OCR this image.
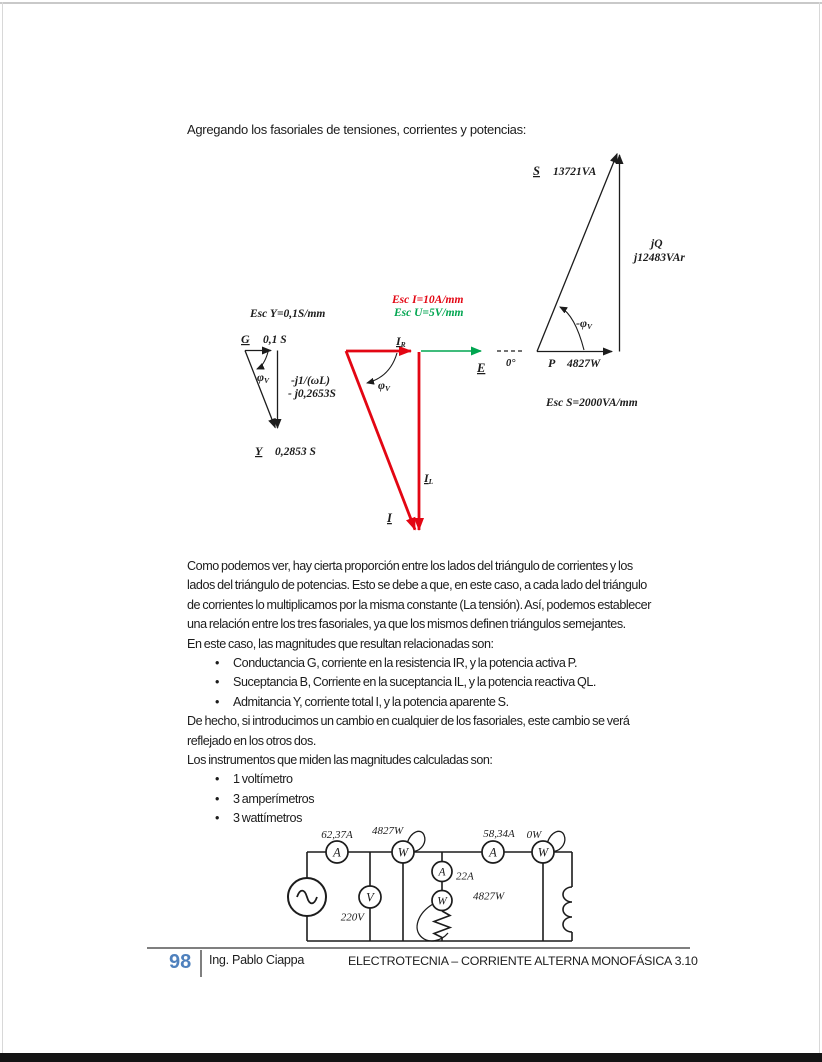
Agregando los fasoriales de tensiones, corrientes y potencias:
Esc Y=0,1S/mm
G 0,1 S
φV -j1/(ωL)
- j0,2653S
Y 0,2853 S
Esc I=10A/mm
Esc U=5V/mm
IR
φV
IL
I
E 0°
S 13721VA
jQ
j12483VAr
-φV
P 4827W
Esc S=2000VA/mm
A	W	A	W
A
W
V
62,37A 4827W	58,34A 0W
22A
4827W
220V
Como podemos ver, hay cierta proporción entre los lados del triángulo de corrientes y los
lados del triángulo de potencias. Esto se debe a que, en este caso, a cada lado del triángulo
de corrientes lo multiplicamos por la misma constante (La tensión). Así, podemos establecer
una relación entre los tres fasoriales, ya que los mismos definen triángulos semejantes.
En este caso, las magnitudes que resultan relacionadas son:
• Conductancia G, corriente en la resistencia IR, y la potencia activa P.
• Suceptancia B, Corriente en la suceptancia IL, y la potencia reactiva QL.
• Admitancia Y, corriente total I, y la potencia aparente S.
De hecho, si introducimos un cambio en cualquier de los fasoriales, este cambio se verá
reflejado en los otros dos.
Los instrumentos que miden las magnitudes calculadas son:
• 1 voltímetro
• 3 amperímetros
• 3 wattímetros
98 Ing. Pablo Ciappa	ELECTROTECNIA – CORRIENTE ALTERNA MONOFÁSICA 3.10
